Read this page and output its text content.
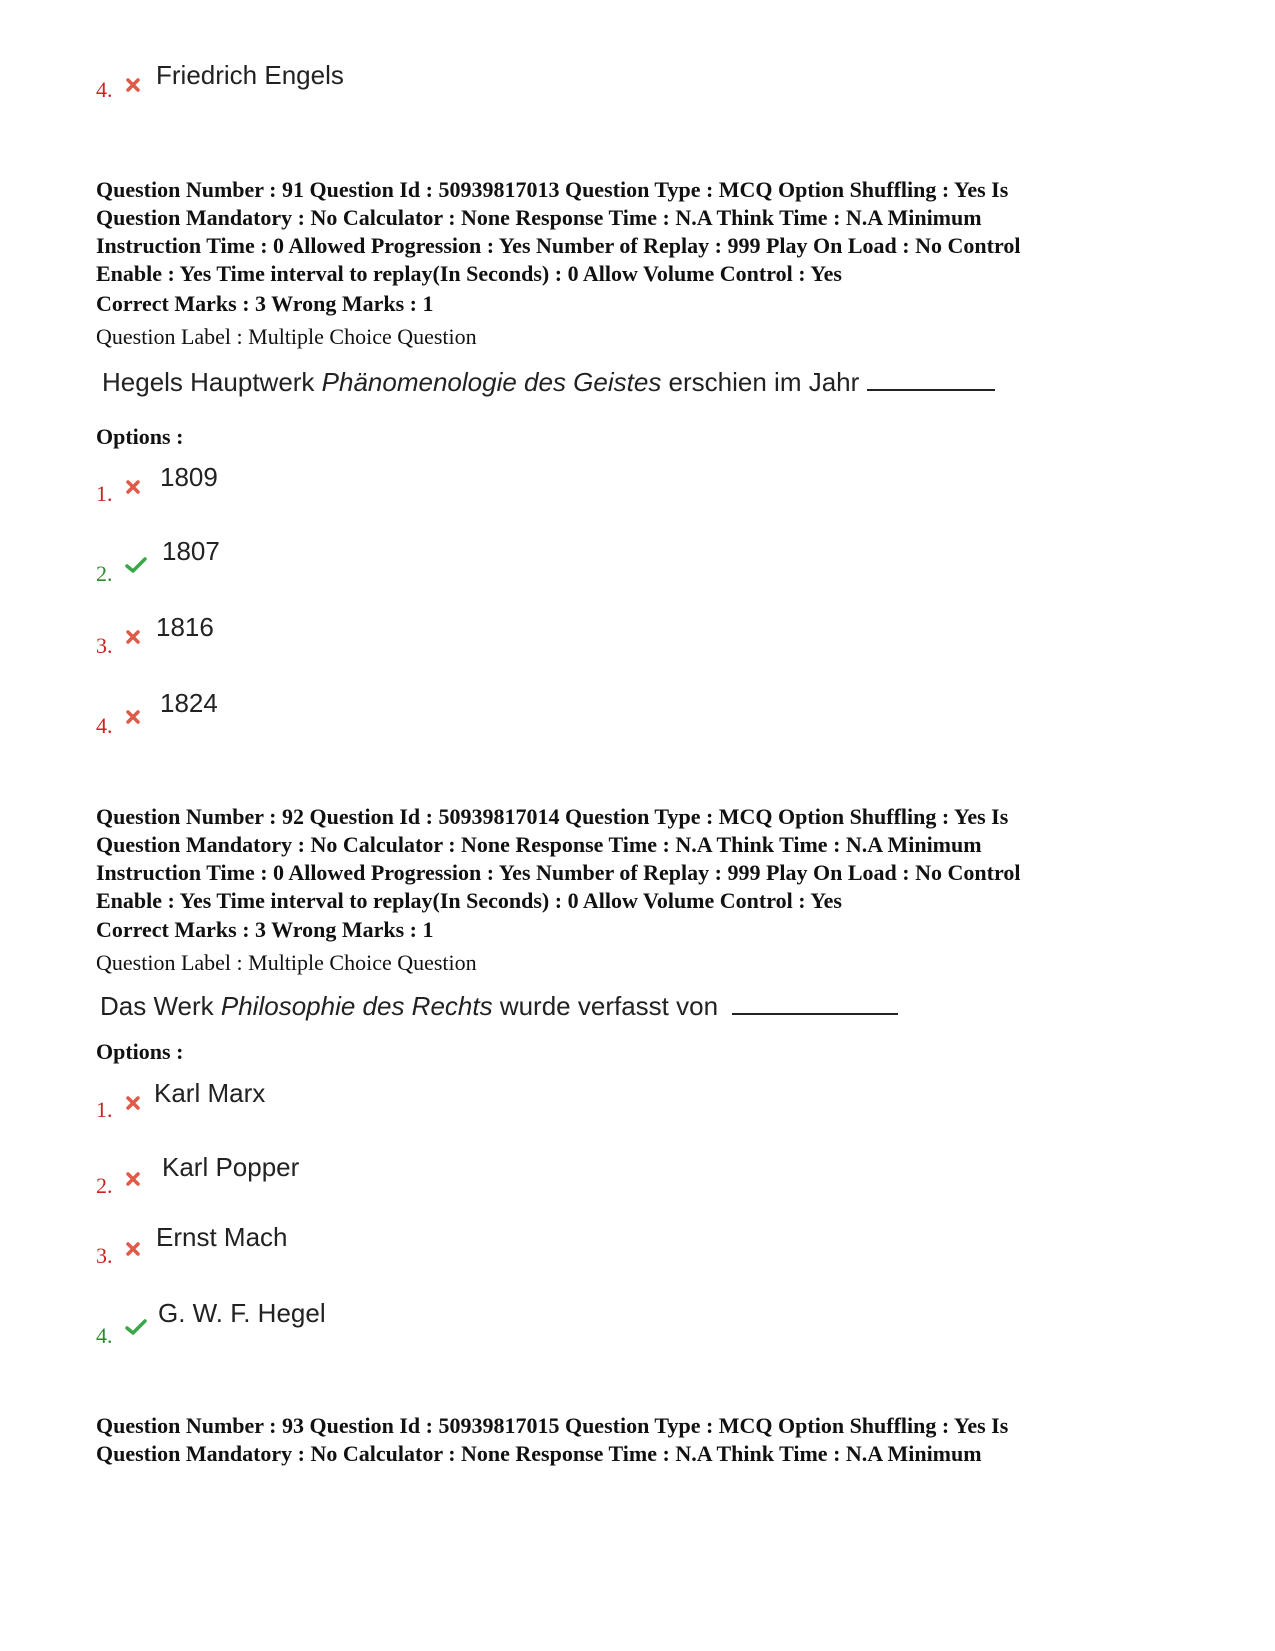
4. Friedrich Engels
Question Number : 91 Question Id : 50939817013 Question Type : MCQ Option Shuffling : Yes Is
Question Mandatory : No Calculator : None Response Time : N.A Think Time : N.A Minimum
Instruction Time : 0 Allowed Progression : Yes Number of Replay : 999 Play On Load : No Control
Enable : Yes Time interval to replay(In Seconds) : 0 Allow Volume Control : Yes
Correct Marks : 3 Wrong Marks : 1
Question Label : Multiple Choice Question
Hegels Hauptwerk Phänomenologie des Geistes erschien im Jahr
Options :
1.
1809
2.
1807
3.
1816
4.
1824
Question Number : 92 Question Id : 50939817014 Question Type : MCQ Option Shuffling : Yes Is
Question Mandatory : No Calculator : None Response Time : N.A Think Time : N.A Minimum
Instruction Time : 0 Allowed Progression : Yes Number of Replay : 999 Play On Load : No Control
Enable : Yes Time interval to replay(In Seconds) : 0 Allow Volume Control : Yes
Correct Marks : 3 Wrong Marks : 1
Question Label : Multiple Choice Question
Das Werk Philosophie des Rechts wurde verfasst von
Options :
1.
Karl Marx
2.
Karl Popper
3.
Ernst Mach
4.
G. W. F. Hegel
Question Number : 93 Question Id : 50939817015 Question Type : MCQ Option Shuffling : Yes Is
Question Mandatory : No Calculator : None Response Time : N.A Think Time : N.A Minimum
